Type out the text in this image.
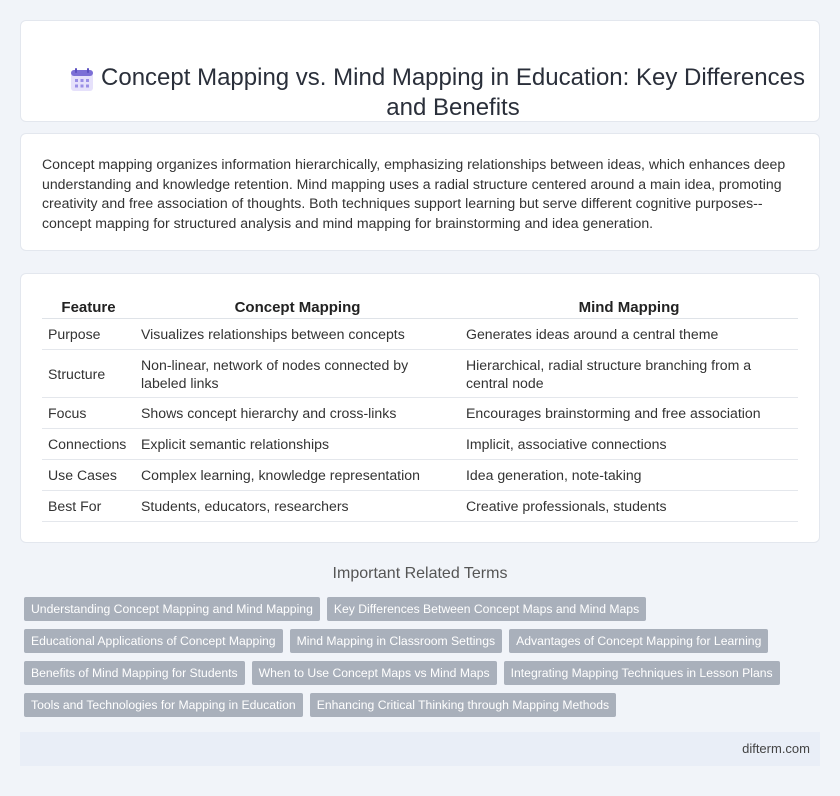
Concept Mapping vs. Mind Mapping in Education: Key Differences and Benefits

Concept mapping organizes information hierarchically, emphasizing relationships between ideas, which enhances deep understanding and knowledge retention. Mind mapping uses a radial structure centered around a main idea, promoting creativity and free association of thoughts. Both techniques support learning but serve different cognitive purposes--concept mapping for structured analysis and mind mapping for brainstorming and idea generation.

Feature	Concept Mapping	Mind Mapping
Purpose	Visualizes relationships between concepts	Generates ideas around a central theme
Structure	Non-linear, network of nodes connected by labeled links	Hierarchical, radial structure branching from a central node
Focus	Shows concept hierarchy and cross-links	Encourages brainstorming and free association
Connections	Explicit semantic relationships	Implicit, associative connections
Use Cases	Complex learning, knowledge representation	Idea generation, note-taking
Best For	Students, educators, researchers	Creative professionals, students
Important Related Terms
Understanding Concept Mapping and Mind Mapping Key Differences Between Concept Maps and Mind Maps
Educational Applications of Concept Mapping Mind Mapping in Classroom Settings Advantages of Concept Mapping for Learning
Benefits of Mind Mapping for Students When to Use Concept Maps vs Mind Maps Integrating Mapping Techniques in Lesson Plans
Tools and Technologies for Mapping in Education Enhancing Critical Thinking through Mapping Methods
difterm.com
